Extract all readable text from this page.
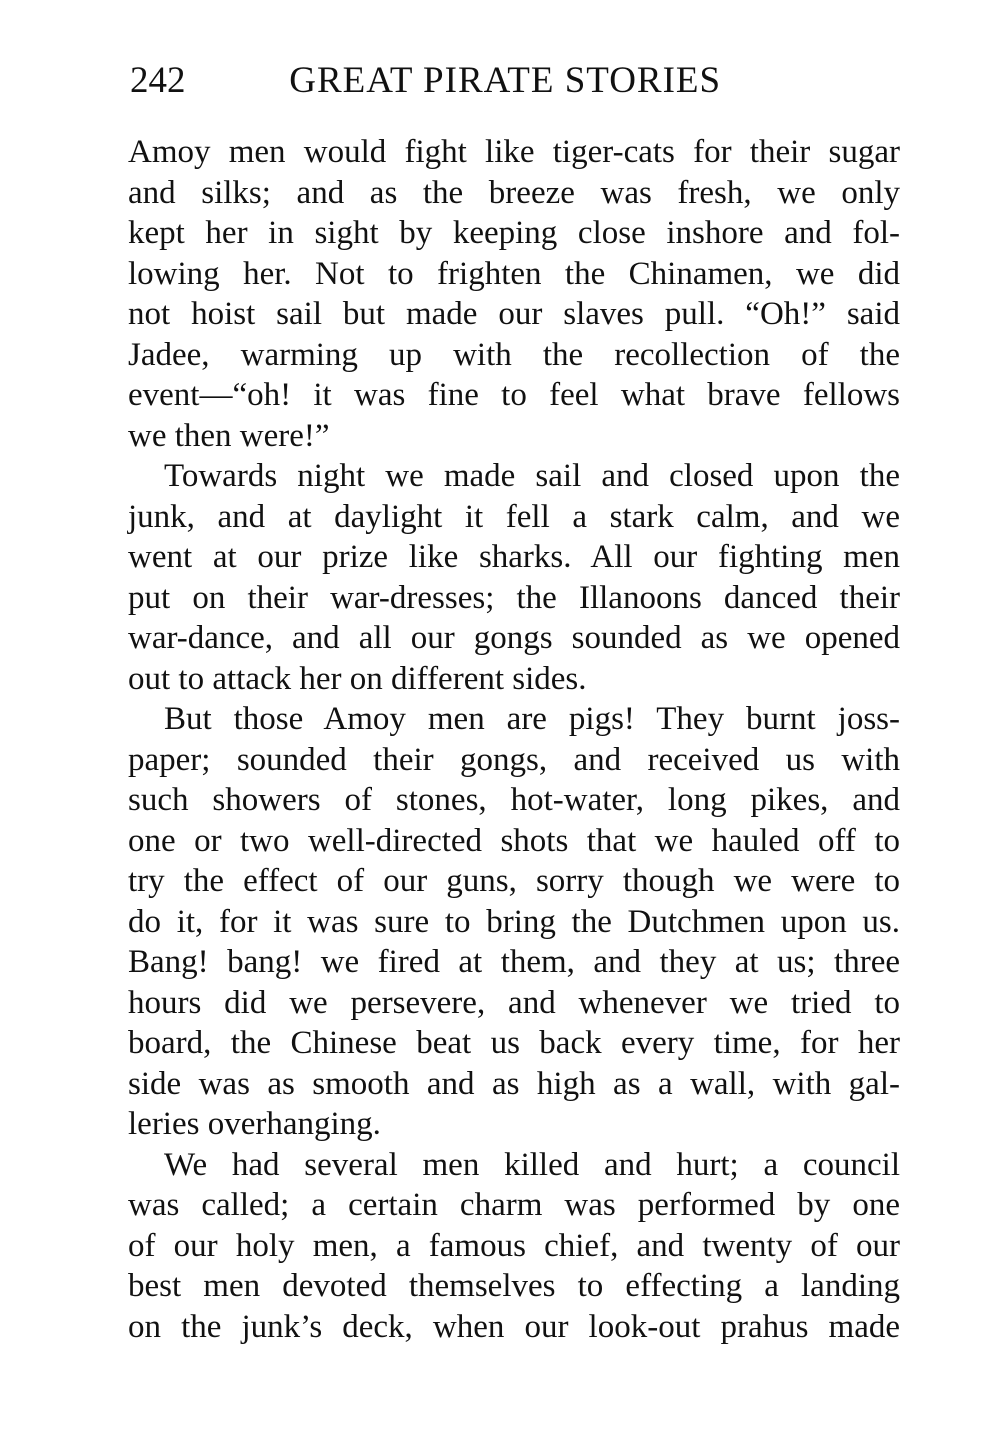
242	GREAT PIRATE STORIES
Amoy men would fight like tiger-cats for their sugar
and silks; and as the breeze was fresh, we only
kept her in sight by keeping close inshore and fol-
lowing her. Not to frighten the Chinamen, we did
not hoist sail but made our slaves pull. “Oh!” said
Jadee, warming up with the recollection of the
event—“oh! it was fine to feel what brave fellows
we then were!”
Towards night we made sail and closed upon the
junk, and at daylight it fell a stark calm, and we
went at our prize like sharks. All our fighting men
put on their war-dresses; the Illanoons danced their
war-dance, and all our gongs sounded as we opened
out to attack her on different sides.
But those Amoy men are pigs! They burnt joss-
paper; sounded their gongs, and received us with
such showers of stones, hot-water, long pikes, and
one or two well-directed shots that we hauled off to
try the effect of our guns, sorry though we were to
do it, for it was sure to bring the Dutchmen upon us.
Bang! bang! we fired at them, and they at us; three
hours did we persevere, and whenever we tried to
board, the Chinese beat us back every time, for her
side was as smooth and as high as a wall, with gal-
leries overhanging.
We had several men killed and hurt; a council
was called; a certain charm was performed by one
of our holy men, a famous chief, and twenty of our
best men devoted themselves to effecting a landing
on the junk’s deck, when our look-out prahus made
